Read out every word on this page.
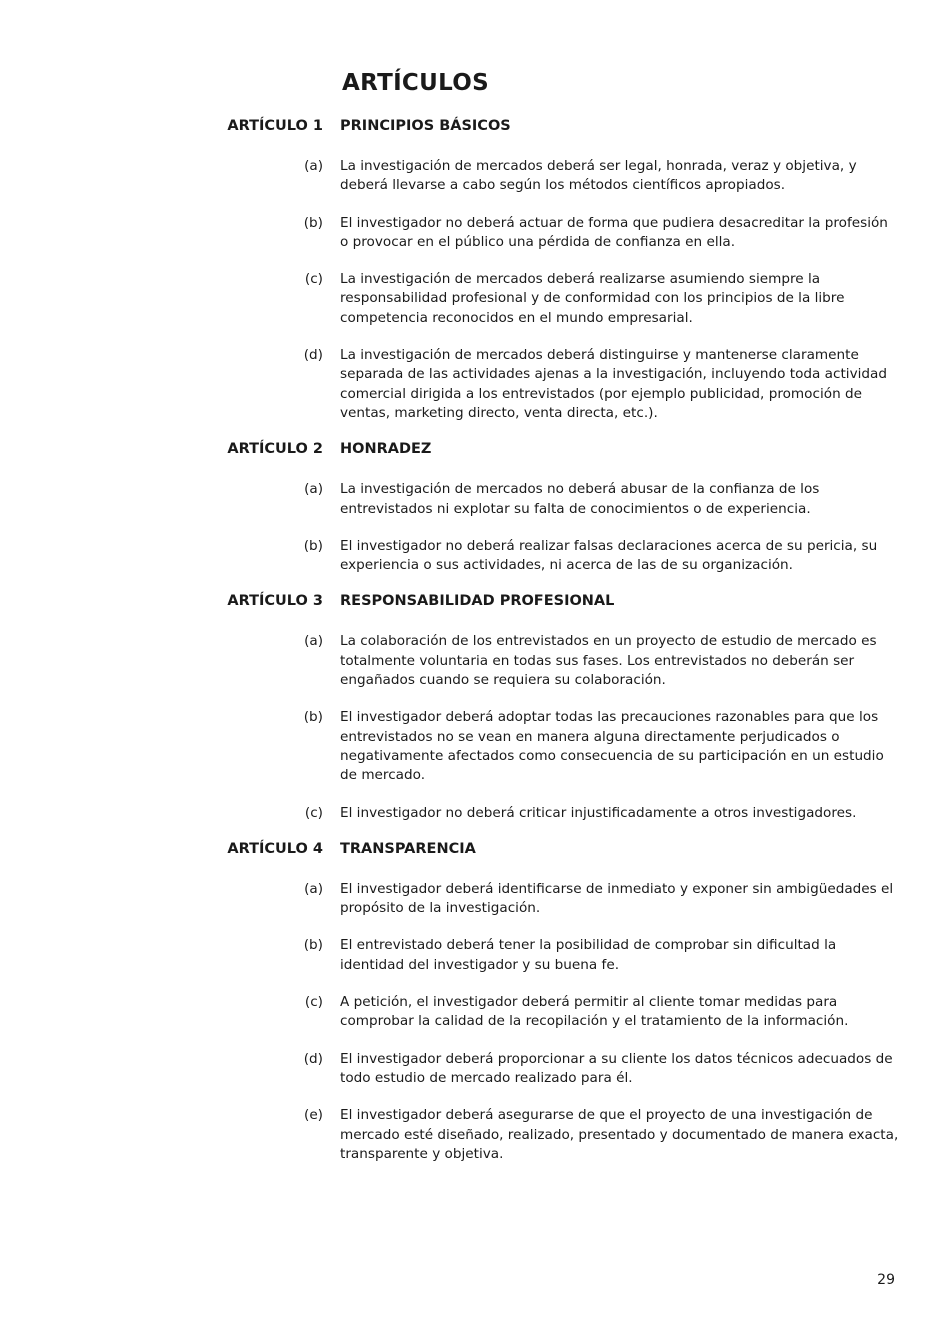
ARTÍCULOS
ARTÍCULO 1 PRINCIPIOS BÁSICOS
(a) La investigación de mercados deberá ser legal, honrada, veraz y objetiva, y deberá llevarse a cabo según los métodos científicos apropiados.
(b) El investigador no deberá actuar de forma que pudiera desacreditar la profesión o provocar en el público una pérdida de confianza en ella.
(c) La investigación de mercados deberá realizarse asumiendo siempre la responsabilidad profesional y de conformidad con los principios de la libre competencia reconocidos en el mundo empresarial.
(d) La investigación de mercados deberá distinguirse y mantenerse claramente separada de las actividades ajenas a la investigación, incluyendo toda actividad comercial dirigida a los entrevistados (por ejemplo publicidad, promoción de ventas, marketing directo, venta directa, etc.).
ARTÍCULO 2 HONRADEZ
(a) La investigación de mercados no deberá abusar de la confianza de los entrevistados ni explotar su falta de conocimientos o de experiencia.
(b) El investigador no deberá realizar falsas declaraciones acerca de su pericia, su experiencia o sus actividades, ni acerca de las de su organización.
ARTÍCULO 3 RESPONSABILIDAD PROFESIONAL
(a) La colaboración de los entrevistados en un proyecto de estudio de mercado es totalmente voluntaria en todas sus fases. Los entrevistados no deberán ser engañados cuando se requiera su colaboración.
(b) El investigador deberá adoptar todas las precauciones razonables para que los entrevistados no se vean en manera alguna directamente perjudicados o negativamente afectados como consecuencia de su participación en un estudio de mercado.
(c) El investigador no deberá criticar injustificadamente a otros investigadores.
ARTÍCULO 4 TRANSPARENCIA
(a) El investigador deberá identificarse de inmediato y exponer sin ambigüedades el propósito de la investigación.
(b) El entrevistado deberá tener la posibilidad de comprobar sin dificultad la identidad del investigador y su buena fe.
(c) A petición, el investigador deberá permitir al cliente tomar medidas para comprobar la calidad de la recopilación y el tratamiento de la información.
(d) El investigador deberá proporcionar a su cliente los datos técnicos adecuados de todo estudio de mercado realizado para él.
(e) El investigador deberá asegurarse de que el proyecto de una investigación de mercado esté diseñado, realizado, presentado y documentado de manera exacta, transparente y objetiva.
29
